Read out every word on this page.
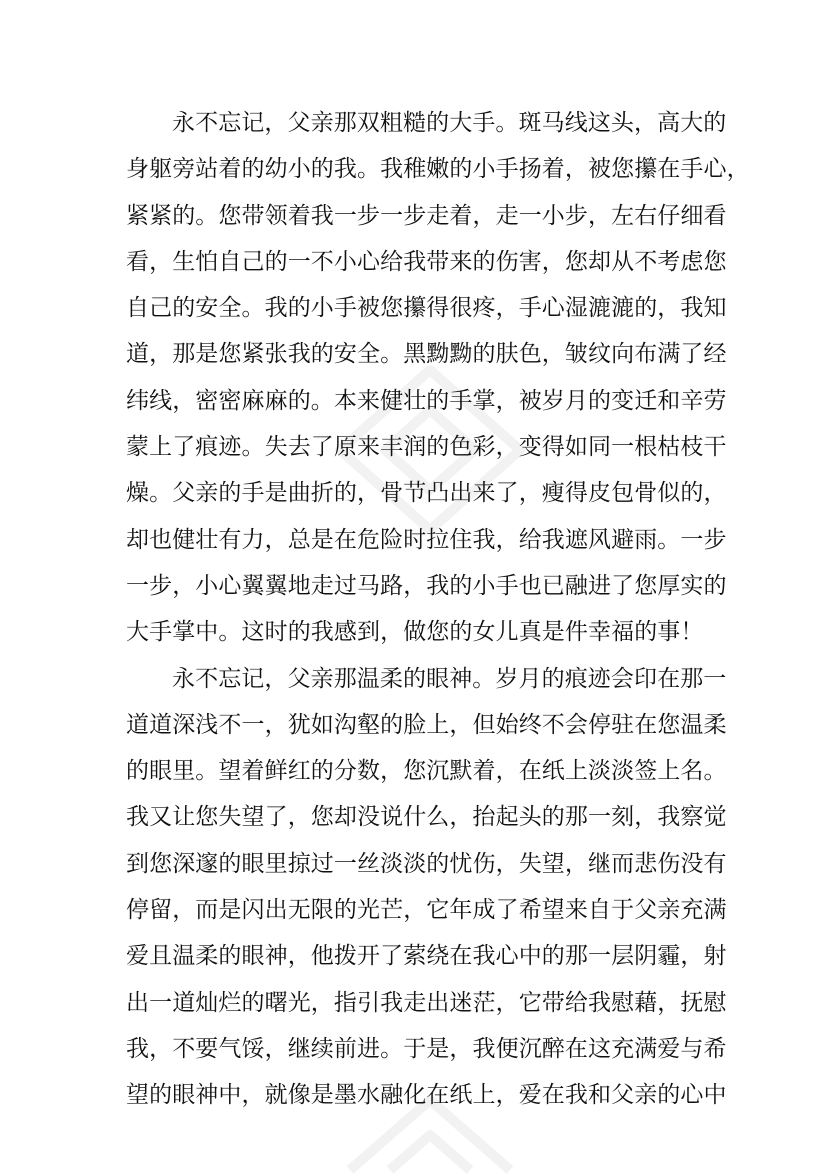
永不忘记，父亲那双粗糙的大手。斑马线这头，高大的
身躯旁站着的幼小的我。我稚嫩的小手扬着，被您攥在手心，
紧紧的。您带领着我一步一步走着，走一小步，左右仔细看
看，生怕自己的一不小心给我带来的伤害，您却从不考虑您
自己的安全。我的小手被您攥得很疼，手心湿漉漉的，我知
道，那是您紧张我的安全。黑黝黝的肤色，皱纹向布满了经
纬线，密密麻麻的。本来健壮的手掌，被岁月的变迁和辛劳
蒙上了痕迹。失去了原来丰润的色彩，变得如同一根枯枝干
燥。父亲的手是曲折的，骨节凸出来了，瘦得皮包骨似的，
却也健壮有力，总是在危险时拉住我，给我遮风避雨。一步
一步，小心翼翼地走过马路，我的小手也已融进了您厚实的
大手掌中。这时的我感到，做您的女儿真是件幸福的事！
永不忘记，父亲那温柔的眼神。岁月的痕迹会印在那一
道道深浅不一，犹如沟壑的脸上，但始终不会停驻在您温柔
的眼里。望着鲜红的分数，您沉默着，在纸上淡淡签上名。
我又让您失望了，您却没说什么，抬起头的那一刻，我察觉
到您深邃的眼里掠过一丝淡淡的忧伤，失望，继而悲伤没有
停留，而是闪出无限的光芒，它年成了希望来自于父亲充满
爱且温柔的眼神，他拨开了萦绕在我心中的那一层阴霾，射
出一道灿烂的曙光，指引我走出迷茫，它带给我慰藉，抚慰
我，不要气馁，继续前进。于是，我便沉醉在这充满爱与希
望的眼神中，就像是墨水融化在纸上，爱在我和父亲的心中
